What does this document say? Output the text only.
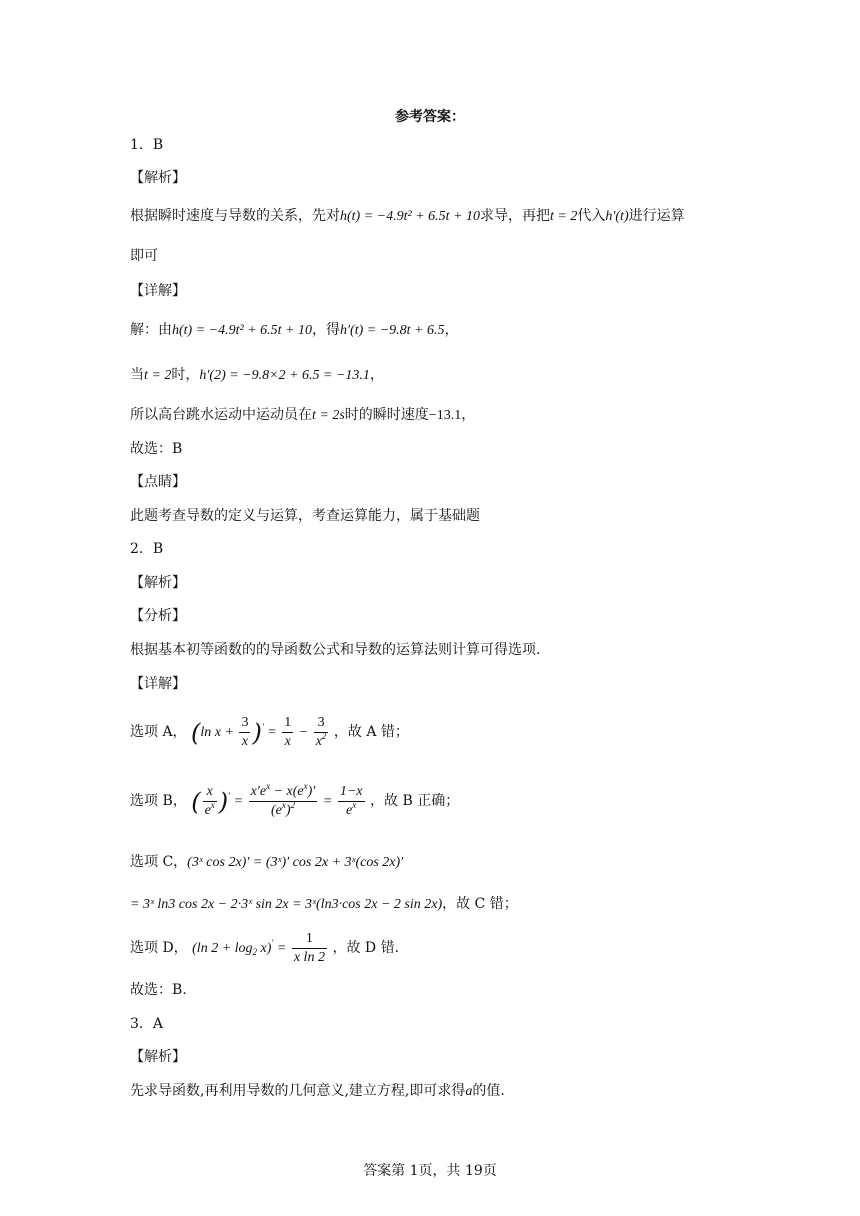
参考答案：
1．B
【解析】
根据瞬时速度与导数的关系，先对h(t) = −4.9t² + 6.5t + 10求导，再把t = 2代入h′(t)进行运算
即可
【详解】
解：由h(t) = −4.9t² + 6.5t + 10，得h′(t) = −9.8t + 6.5，
当t = 2时，h′(2) = −9.8×2 + 6.5 = −13.1，
所以高台跳水运动中运动员在t = 2s时的瞬时速度−13.1，
故选：B
【点睛】
此题考查导数的定义与运算，考查运算能力，属于基础题
2．B
【解析】
【分析】
根据基本初等函数的的导函数公式和导数的运算法则计算可得选项.
【详解】
选项 A， (ln $x + \frac{3}{x} )' = \frac{1}{x} - \frac{3}{x^2}$ ，故 A 错；
选项 B， ( $\frac{x}{e^x} )' = \frac{x'e^x - x(e^x)'}{(e^x)^2} = \frac{1-x}{e^x}$ ，故 B 正确；
选项 C，(3ˣ cos 2x)′ = (3ˣ)′ cos 2x + 3ˣ(cos 2x)′
= 3ˣ ln3 cos 2x − 2·3ˣ sin 2x = 3ˣ(ln3·cos 2x − 2 sin 2x)，故 C 错；
选项 D， (ln $2 + \log_2 x)' = \frac{1}{\text{x ln 2}}$ ，故 D 错.
故选：B.
3．A
【解析】
先求导函数,再利用导数的几何意义,建立方程,即可求得a的值.
答案第 1页，共 19页
